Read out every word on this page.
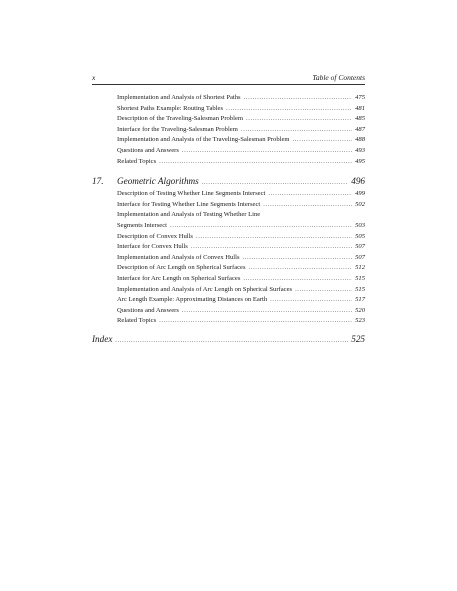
x	Table of Contents
Implementation and Analysis of Shortest Paths .....	475
Shortest Paths Example: Routing Tables .....	481
Description of the Traveling-Salesman Problem .....	485
Interface for the Traveling-Salesman Problem .....	487
Implementation and Analysis of the Traveling-Salesman Problem .....	488
Questions and Answers .....	493
Related Topics .....	495
17.	Geometric Algorithms .....	496
Description of Testing Whether Line Segments Intersect .....	499
Interface for Testing Whether Line Segments Intersect .....	502
Implementation and Analysis of Testing Whether Line
Segments Intersect .....	503
Description of Convex Hulls .....	505
Interface for Convex Hulls .....	507
Implementation and Analysis of Convex Hulls .....	507
Description of Arc Length on Spherical Surfaces .....	512
Interface for Arc Length on Spherical Surfaces .....	515
Implementation and Analysis of Arc Length on Spherical Surfaces .....	515
Arc Length Example: Approximating Distances on Earth .....	517
Questions and Answers .....	520
Related Topics .....	523
Index .....	525
